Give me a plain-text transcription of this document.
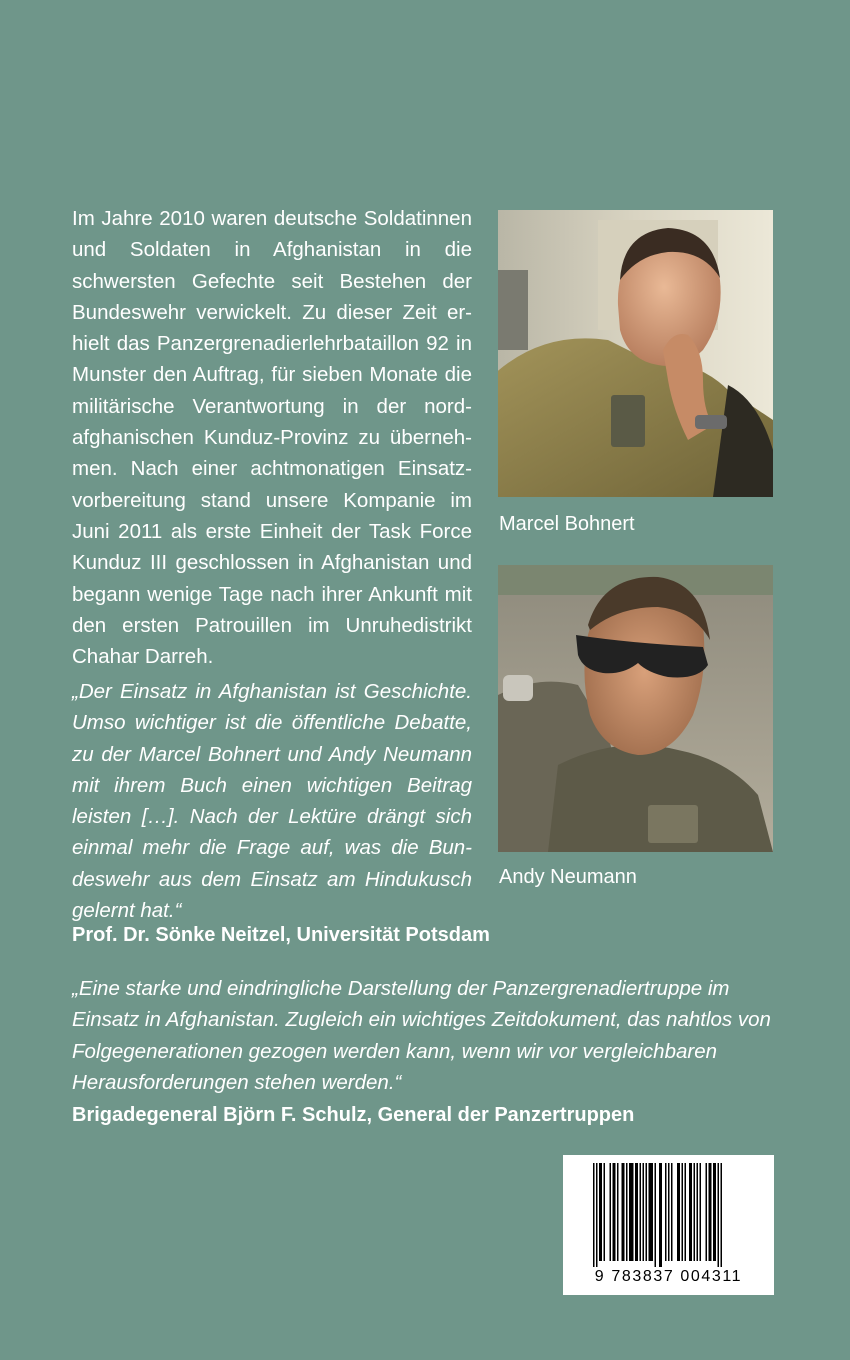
Im Jahre 2010 waren deutsche Soldatinnen und Soldaten in Afghanistan in die schwersten Gefechte seit Bestehen der Bundeswehr verwickelt. Zu dieser Zeit erhielt das Panzergrenadierlehrbataillon 92 in Munster den Auftrag, für sieben Monate die militärische Verantwortung in der nordafghanischen Kunduz-Provinz zu übernehmen. Nach einer achtmonatigen Einsatzvorbereitung stand unsere Kompanie im Juni 2011 als erste Einheit der Task Force Kunduz III geschlossen in Afghanistan und begann wenige Tage nach ihrer Ankunft mit den ersten Patrouillen im Unruhedistrikt Chahar Darreh.
„Der Einsatz in Afghanistan ist Geschichte. Umso wichtiger ist die öffentliche Debatte, zu der Marcel Bohnert und Andy Neumann mit ihrem Buch einen wichtigen Beitrag leisten […]. Nach der Lektüre drängt sich einmal mehr die Frage auf, was die Bundeswehr aus dem Einsatz am Hindukusch gelernt hat.“
Prof. Dr. Sönke Neitzel, Universität Potsdam
„Eine starke und eindringliche Darstellung der Panzergrenadiertruppe im Einsatz in Afghanistan. Zugleich ein wichtiges Zeitdokument, das nahtlos von Folgegenerationen gezogen werden kann, wenn wir vor vergleichbaren Herausforderungen stehen werden.“
Brigadegeneral Björn F. Schulz, General der Panzertruppen
Marcel Bohnert
Andy Neumann
9 783837 004311
